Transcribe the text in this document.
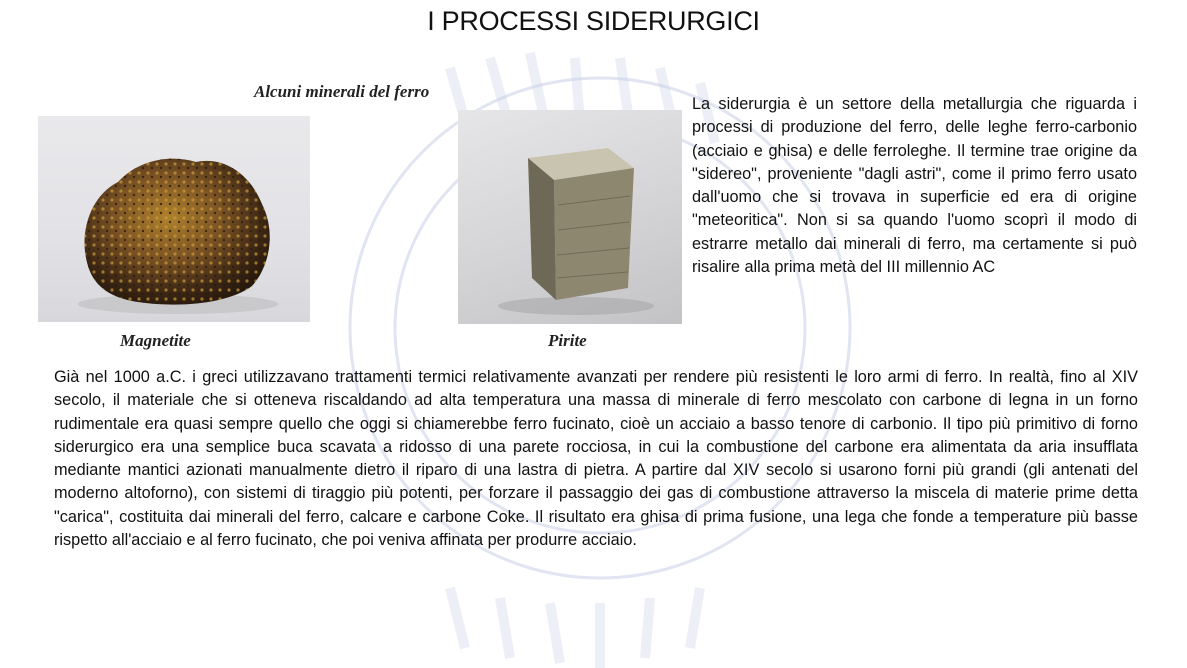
I PROCESSI SIDERURGICI
Alcuni minerali del ferro
Magnetite	Pirite
La siderurgia è un settore della metallurgia che riguarda i processi di produzione del ferro, delle leghe ferro-carbonio (acciaio e ghisa) e delle ferroleghe. Il termine trae origine da "sidereo", proveniente "dagli astri", come il primo ferro usato dall'uomo che si trovava in superficie ed era di origine "meteoritica". Non si sa quando l'uomo scoprì il modo di estrarre metallo dai minerali di ferro, ma certamente si può risalire alla prima metà del III millennio AC
Già nel 1000 a.C. i greci utilizzavano trattamenti termici relativamente avanzati per rendere più resistenti le loro armi di ferro. In realtà, fino al XIV secolo, il materiale che si otteneva riscaldando ad alta temperatura una massa di minerale di ferro mescolato con carbone di legna in un forno rudimentale era quasi sempre quello che oggi si chiamerebbe ferro fucinato, cioè un acciaio a basso tenore di carbonio. Il tipo più primitivo di forno siderurgico era una semplice buca scavata a ridosso di una parete rocciosa, in cui la combustione del carbone era alimentata da aria insufflata mediante mantici azionati manualmente dietro il riparo di una lastra di pietra. A partire dal XIV secolo si usarono forni più grandi (gli antenati del moderno altoforno), con sistemi di tiraggio più potenti, per forzare il passaggio dei gas di combustione attraverso la miscela di materie prime detta "carica", costituita dai minerali del ferro, calcare e carbone Coke. Il risultato era ghisa di prima fusione, una lega che fonde a temperature più basse rispetto all'acciaio e al ferro fucinato, che poi veniva affinata per produrre acciaio.
